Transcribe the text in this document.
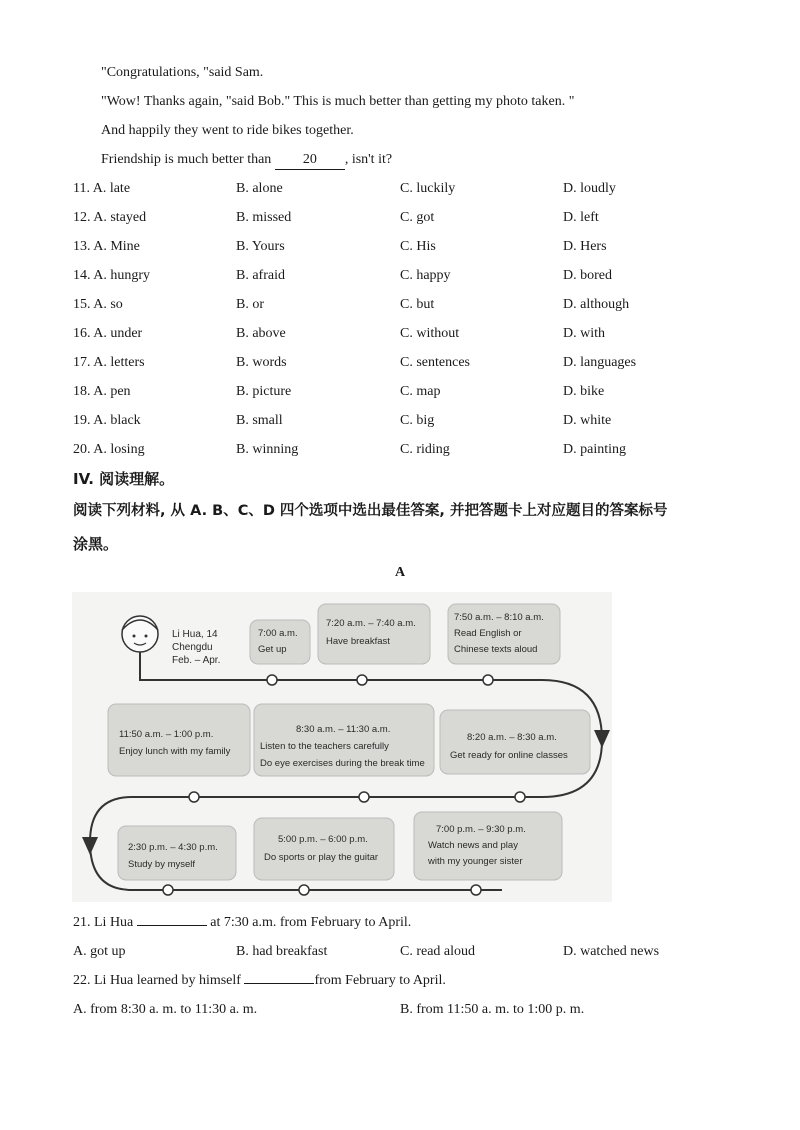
"Congratulations, "said Sam.
"Wow! Thanks again, "said Bob." This is much better than getting my photo taken. "
And happily they went to ride bikes together.
Friendship is much better than 20 , isn't it?
11. A. late	B. alone	C. luckily	D. loudly
12. A. stayed	B. missed	C. got	D. left
13. A. Mine	B. Yours	C. His	D. Hers
14. A. hungry	B. afraid	C. happy	D. bored
15. A. so	B. or	C. but	D. although
16. A. under	B. above	C. without	D. with
17. A. letters	B. words	C. sentences	D. languages
18. A. pen	B. picture	C. map	D. bike
19. A. black	B. small	C. big	D. white
20. A. losing	B. winning	C. riding	D. painting
IV. 阅读理解。
阅读下列材料, 从 A. B、C、D 四个选项中选出最佳答案, 并把答题卡上对应题目的答案标号
涂黑。
A
Li Hua, 14
Chengdu
Feb. – Apr.
7:00 a.m.
Get up
7:20 a.m. – 7:40 a.m.
Have breakfast
7:50 a.m. – 8:10 a.m.
Read English or
Chinese texts aloud
11:50 a.m. – 1:00 p.m.
Enjoy lunch with my family
8:30 a.m. – 11:30 a.m.
Listen to the teachers carefully
Do eye exercises during the break time
8:20 a.m. – 8:30 a.m.
Get ready for online classes
2:30 p.m. – 4:30 p.m.
Study by myself
5:00 p.m. – 6:00 p.m.
Do sports or play the guitar
7:00 p.m. – 9:30 p.m.
Watch news and play
with my younger sister
21. Li Hua	at 7:30 a.m. from February to April.
A. got up	B. had breakfast	C. read aloud	D. watched news
22. Li Hua learned by himself	from February to April.
A. from 8:30 a. m. to 11:30 a. m.	B. from 11:50 a. m. to 1:00 p. m.
